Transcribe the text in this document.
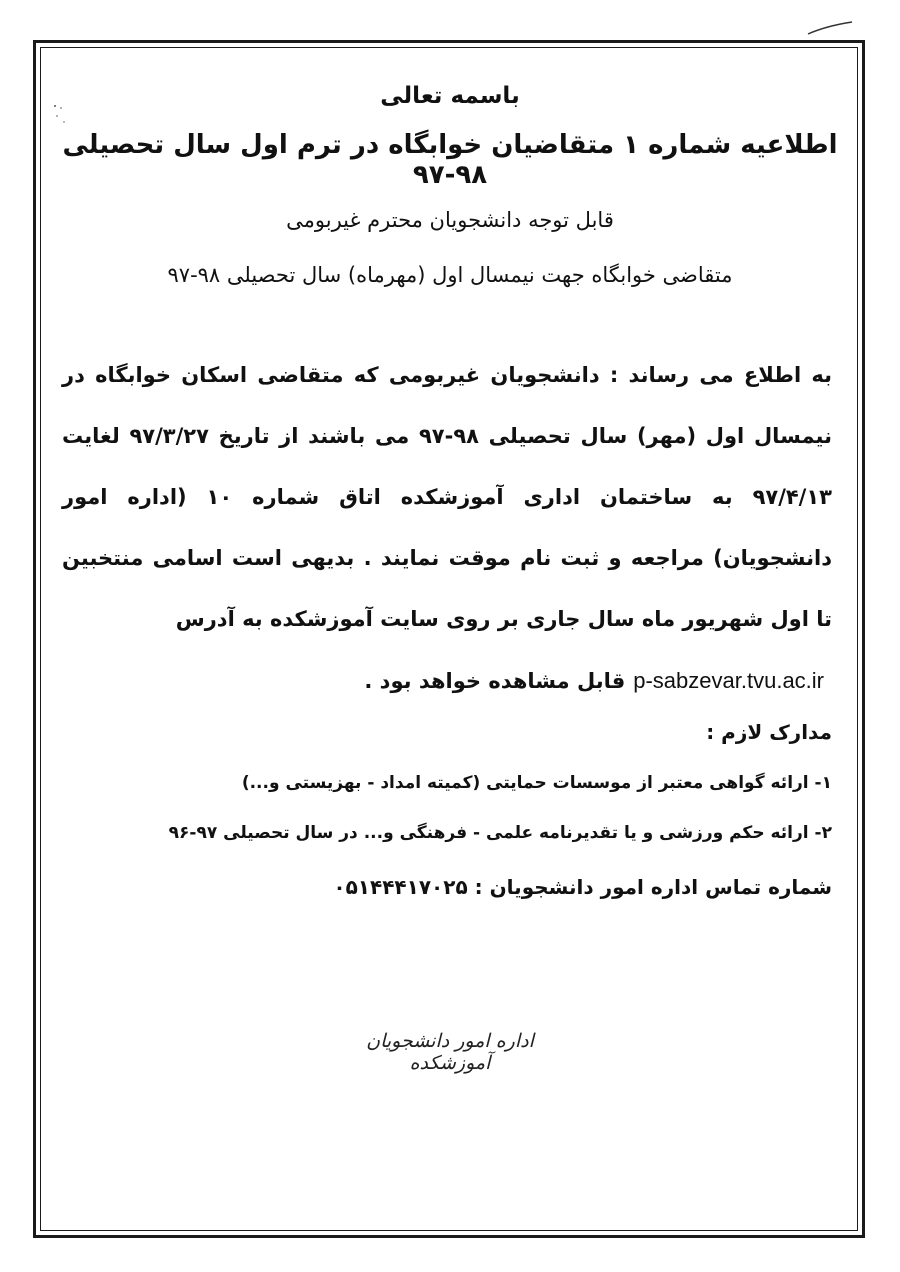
باسمه تعالی
اطلاعیه شماره ۱ متقاضیان خوابگاه در ترم اول سال تحصیلی ۹۸-۹۷
قابل توجه دانشجویان محترم غیربومی
متقاضی خوابگاه جهت نیمسال اول (مهرماه) سال تحصیلی ۹۸-۹۷
به اطلاع می رساند : دانشجویان غیربومی که متقاضی اسکان خوابگاه در نیمسال اول (مهر) سال تحصیلی ۹۸-۹۷ می باشند از تاریخ ۹۷/۳/۲۷ لغایت ۹۷/۴/۱۳ به ساختمان اداری آموزشکده اتاق شماره ۱۰ (اداره امور دانشجویان) مراجعه و ثبت نام موقت نمایند . بدیهی است اسامی منتخبین تا اول شهریور ماه سال جاری بر روی سایت آموزشکده به آدرس
p-sabzevar.tvu.ac.irقابل مشاهده خواهد بود .
مدارک لازم :
۱- ارائه گواهی معتبر از موسسات حمایتی (کمیته امداد - بهزیستی و...)
۲- ارائه حکم ورزشی و یا تقدیرنامه علمی - فرهنگی و... در سال تحصیلی ۹۷-۹۶
شماره تماس اداره امور دانشجویان : ۰۵۱۴۴۴۱۷۰۲۵
اداره امور دانشجویان آموزشکده
